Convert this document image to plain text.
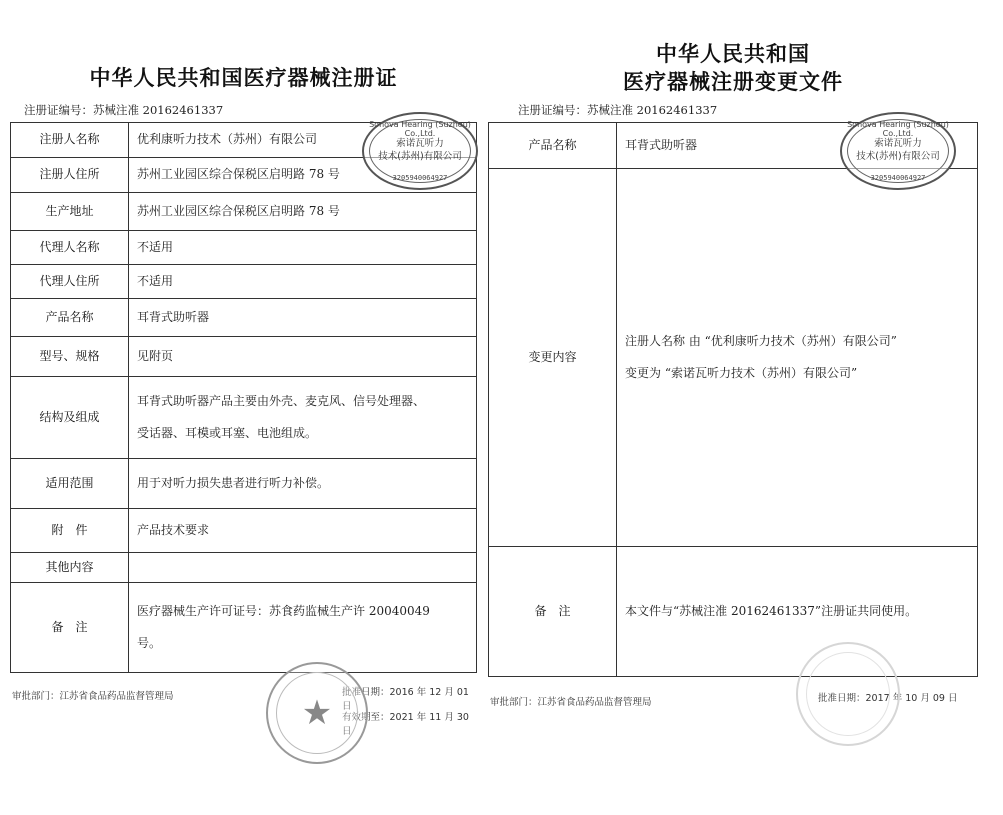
中华人民共和国医疗器械注册证
注册证编号：苏械注准 20162461337
注册人名称	优利康听力技术（苏州）有限公司
注册人住所	苏州工业园区综合保税区启明路 78 号
生产地址	苏州工业园区综合保税区启明路 78 号
代理人名称	不适用
代理人住所	不适用
产品名称	耳背式助听器
型号、规格	见附页
结构及组成	耳背式助听器产品主要由外壳、麦克风、信号处理器、
受话器、耳模或耳塞、电池组成。

适用范围	用于对听力损失患者进行听力补偿。
附　件	产品技术要求
其他内容	
备　注	医疗器械生产许可证号：苏食药监械生产许 20040049
号。
审批部门：江苏省食品药品监督管理局	批准日期：2016 年 12 月 01 日
有效期至：2021 年 11 月 30 日
Sonova Hearing (Suzhou) Co.,Ltd.
索诺瓦听力
技术(苏州)有限公司
3205940064927
★
中华人民共和国
医疗器械注册变更文件
注册证编号：苏械注准 20162461337
产品名称	耳背式助听器
变更内容	注册人名称 由 “优利康听力技术（苏州）有限公司”
变更为 “索诺瓦听力技术（苏州）有限公司”

备　注	本文件与“苏械注准 20162461337”注册证共同使用。
审批部门：江苏省食品药品监督管理局	批准日期：2017 年 10 月 09 日
Sonova Hearing (Suzhou) Co.,Ltd.
索诺瓦听力
技术(苏州)有限公司
3205940064927
